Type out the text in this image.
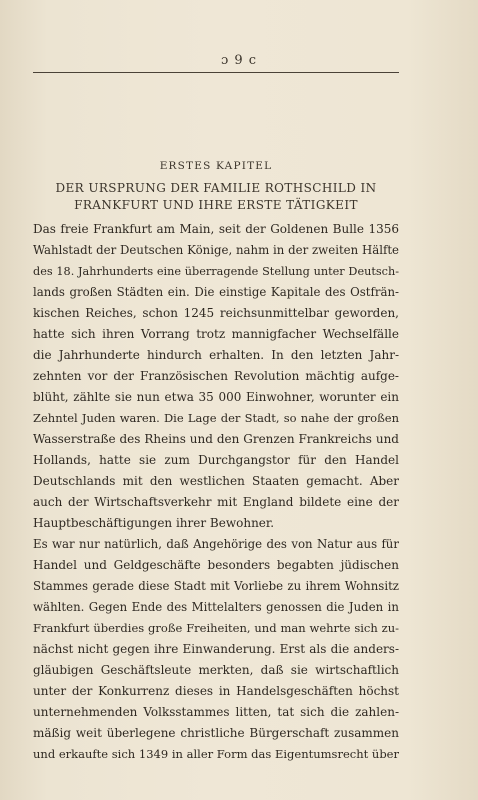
ɔ 9 ϲ
ERSTES KAPITEL
DER URSPRUNG DER FAMILIE ROTHSCHILD IN
FRANKFURT UND IHRE ERSTE TÄTIGKEIT
Das freie Frankfurt am Main, seit der Goldenen Bulle 1356
Wahlstadt der Deutschen Könige, nahm in der zweiten Hälfte
des 18. Jahrhunderts eine überragende Stellung unter Deutsch-
lands großen Städten ein. Die einstige Kapitale des Ostfrän-
kischen Reiches, schon 1245 reichsunmittelbar geworden,
hatte sich ihren Vorrang trotz mannigfacher Wechselfälle
die Jahrhunderte hindurch erhalten. In den letzten Jahr-
zehnten vor der Französischen Revolution mächtig aufge-
blüht, zählte sie nun etwa 35 000 Einwohner, worunter ein
Zehntel Juden waren. Die Lage der Stadt, so nahe der großen
Wasserstraße des Rheins und den Grenzen Frankreichs und
Hollands, hatte sie zum Durchgangstor für den Handel
Deutschlands mit den westlichen Staaten gemacht. Aber
auch der Wirtschaftsverkehr mit England bildete eine der
Hauptbeschäftigungen ihrer Bewohner.
Es war nur natürlich, daß Angehörige des von Natur aus für
Handel und Geldgeschäfte besonders begabten jüdischen
Stammes gerade diese Stadt mit Vorliebe zu ihrem Wohnsitz
wählten. Gegen Ende des Mittelalters genossen die Juden in
Frankfurt überdies große Freiheiten, und man wehrte sich zu-
nächst nicht gegen ihre Einwanderung. Erst als die anders-
gläubigen Geschäftsleute merkten, daß sie wirtschaftlich
unter der Konkurrenz dieses in Handelsgeschäften höchst
unternehmenden Volksstammes litten, tat sich die zahlen-
mäßig weit überlegene christliche Bürgerschaft zusammen
und erkaufte sich 1349 in aller Form das Eigentumsrecht über
